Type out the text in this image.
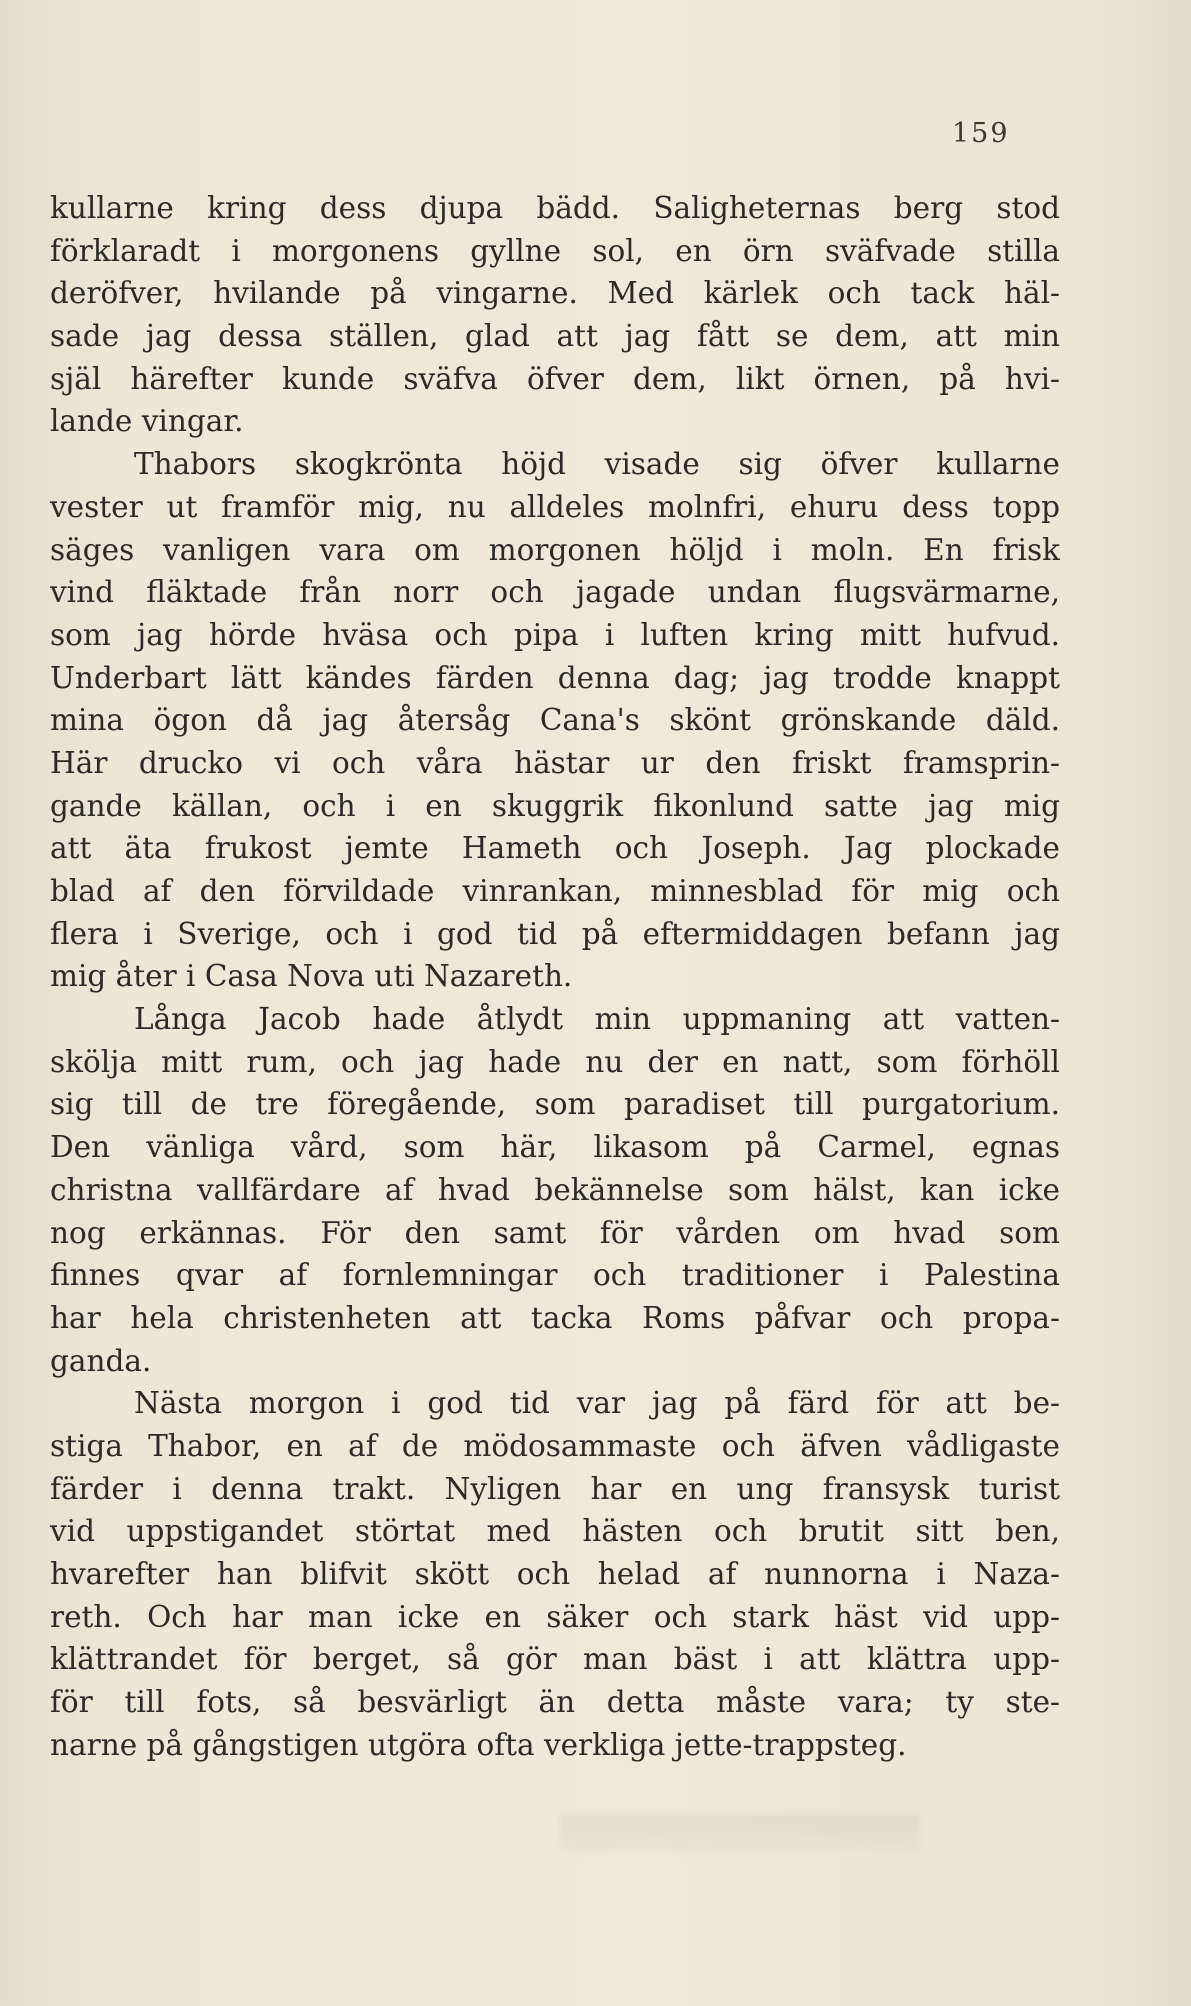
159
kullarne kring dess djupa bädd. Saligheternas berg stod
förklaradt i morgonens gyllne sol, en örn sväfvade stilla
deröfver, hvilande på vingarne. Med kärlek och tack häl-
sade jag dessa ställen, glad att jag fått se dem, att min
själ härefter kunde sväfva öfver dem, likt örnen, på hvi-
lande vingar.
Thabors skogkrönta höjd visade sig öfver kullarne
vester ut framför mig, nu alldeles molnfri, ehuru dess topp
säges vanligen vara om morgonen höljd i moln. En frisk
vind fläktade från norr och jagade undan flugsvärmarne,
som jag hörde hväsa och pipa i luften kring mitt hufvud.
Underbart lätt kändes färden denna dag; jag trodde knappt
mina ögon då jag återsåg Cana's skönt grönskande däld.
Här drucko vi och våra hästar ur den friskt framsprin-
gande källan, och i en skuggrik fikonlund satte jag mig
att äta frukost jemte Hameth och Joseph. Jag plockade
blad af den förvildade vinrankan, minnesblad för mig och
flera i Sverige, och i god tid på eftermiddagen befann jag
mig åter i Casa Nova uti Nazareth.
Långa Jacob hade åtlydt min uppmaning att vatten-
skölja mitt rum, och jag hade nu der en natt, som förhöll
sig till de tre föregående, som paradiset till purgatorium.
Den vänliga vård, som här, likasom på Carmel, egnas
christna vallfärdare af hvad bekännelse som hälst, kan icke
nog erkännas. För den samt för vården om hvad som
finnes qvar af fornlemningar och traditioner i Palestina
har hela christenheten att tacka Roms påfvar och propa-
ganda.
Nästa morgon i god tid var jag på färd för att be-
stiga Thabor, en af de mödosammaste och äfven vådligaste
färder i denna trakt. Nyligen har en ung fransysk turist
vid uppstigandet störtat med hästen och brutit sitt ben,
hvarefter han blifvit skött och helad af nunnorna i Naza-
reth. Och har man icke en säker och stark häst vid upp-
klättrandet för berget, så gör man bäst i att klättra upp-
för till fots, så besvärligt än detta måste vara; ty ste-
narne på gångstigen utgöra ofta verkliga jette-trappsteg.
